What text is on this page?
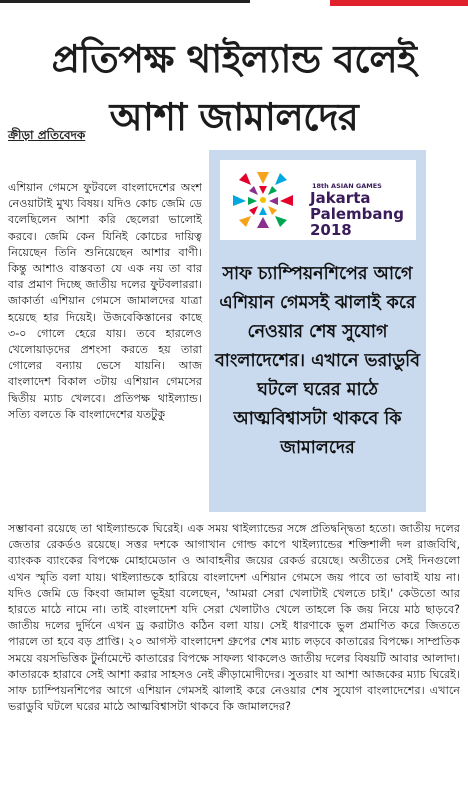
প্রতিপক্ষ থাইল্যান্ড বলেই
আশা জামালদের
ক্রীড়া প্রতিবেদক

এশিয়ান গেমসে ফুটবলে বাংলাদেশের অংশ নেওয়াটাই মুখ্য বিষয়। যদিও কোচ জেমি ডে বলেছিলেন আশা করি ছেলেরা ভালোই করবে। জেমি কেন যিনিই কোচের দায়িত্ব নিয়েছেন তিনি শুনিয়েছেন আশার বাণী। কিন্তু আশাও বাস্তবতা যে এক নয় তা বার বার প্রমাণ দিচ্ছে জাতীয় দলের ফুটবলাররা। জাকার্তা এশিয়ান গেমসে জামালদের যাত্রা হয়েছে হার দিয়েই। উজবেকিস্তানের কাছে ৩-০ গোলে হেরে যায়। তবে হারলেও খেলোয়াড়দের প্রশংসা করতে হয় তারা গোলের বন্যায় ভেসে যায়নি। আজ বাংলাদেশ বিকাল ৩টায় এশিয়ান গেমসের দ্বিতীয় ম্যাচ খেলবে। প্রতিপক্ষ থাইল্যান্ড। সত্যি বলতে কি বাংলাদেশের যতটুকু

18th ASIAN GAMES
Jakarta
Palembang 2018

সাফ চ্যাম্পিয়নশিপের আগে এশিয়ান গেমসই ঝালাই করে নেওয়ার শেষ সুযোগ বাংলাদেশের। এখানে ভরাডুবি ঘটলে ঘরের মাঠে আত্মবিশ্বাসটা থাকবে কি জামালদের

সম্ভাবনা রয়েছে তা থাইল্যান্ডকে ঘিরেই। এক সময় থাইল্যান্ডের সঙ্গে প্রতিদ্বন্দ্বিতা হতো। জাতীয় দলের জেতার রেকর্ডও রয়েছে। সত্তর দশকে আগাখান গোল্ড কাপে থাইল্যান্ডের শক্তিশালী দল রাজবিথি, ব্যাংকক ব্যাংকের বিপক্ষে মোহামেডান ও আবাহনীর জয়ের রেকর্ড রয়েছে। অতীতের সেই দিনগুলো এখন স্মৃতি বলা যায়। থাইল্যান্ডকে হারিয়ে বাংলাদেশ এশিয়ান গেমসে জয় পাবে তা ভাবাই যায় না। যদিও জেমি ডে কিংবা জামাল ভূইয়া বলেছেন, 'আমরা সেরা খেলাটাই খেলতে চাই।' কেউতো আর হারতে মাঠে নামে না। তাই বাংলাদেশ যদি সেরা খেলাটাও খেলে তাহলে কি জয় নিয়ে মাঠ ছাড়বে? জাতীয় দলের দুর্দিনে এখন ড্র করাটাও কঠিন বলা যায়। সেই ধারণাকে ভুল প্রমাণিত করে জিততে পারলে তা হবে বড় প্রাপ্তি। ২০ আগস্ট বাংলাদেশ গ্রুপের শেষ ম্যাচ লড়বে কাতারের বিপক্ষে। সাম্প্রতিক সময়ে বয়সভিত্তিক টুর্নামেন্টে কাতারের বিপক্ষে সাফল্য থাকলেও জাতীয় দলের বিষয়টি আবার আলাদা। কাতারকে হারাবে সেই আশা করার সাহসও নেই ক্রীড়ামোদীদের। সুতরাং যা আশা আজকের ম্যাচ ঘিরেই। সাফ চ্যাম্পিয়নশিপের আগে এশিয়ান গেমসই ঝালাই করে নেওয়ার শেষ সুযোগ বাংলাদেশের। এখানে ভরাডুবি ঘটলে ঘরের মাঠে আত্মবিশ্বাসটা থাকবে কি জামালদের?
